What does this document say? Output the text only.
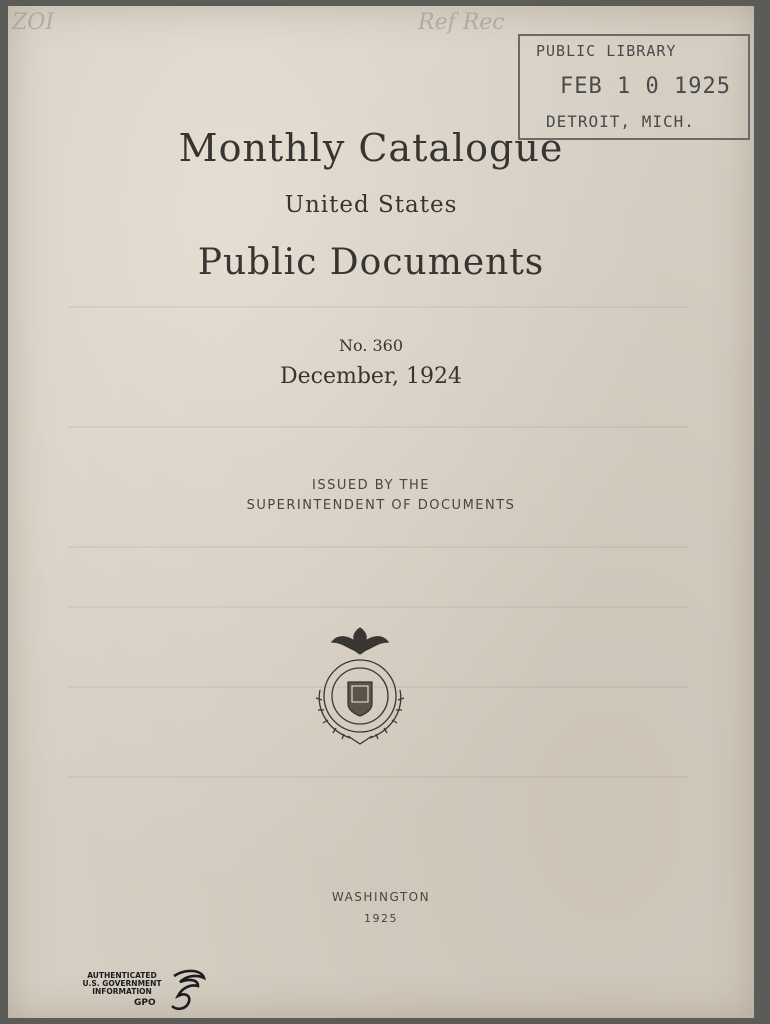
ZOI	Ref Rec
PUBLIC LIBRARY
FEB 1 0 1925
DETROIT, MICH.
Monthly Catalogue
United States
Public Documents
No. 360
December, 1924
ISSUED BY THE
SUPERINTENDENT OF DOCUMENTS
WASHINGTON
1925
AUTHENTICATED
U.S. GOVERNMENT
INFORMATION
GPO
